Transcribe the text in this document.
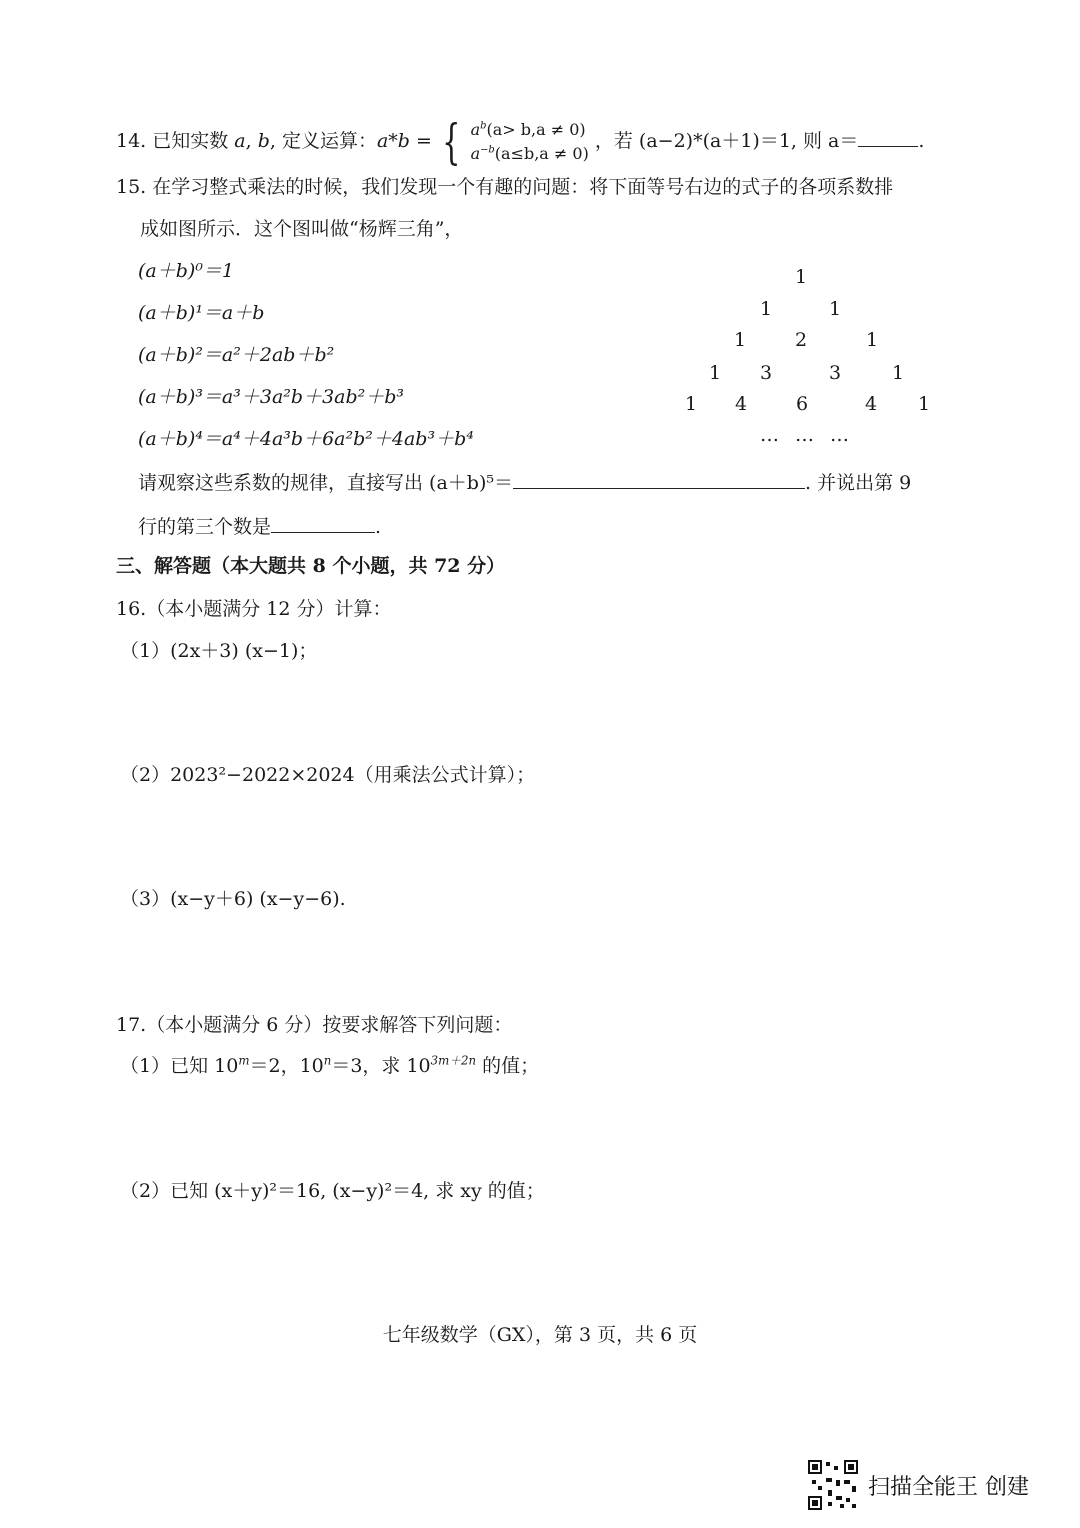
14. 已知实数 a, b, 定义运算：a*b = { $a^b(a> b,a \ne 0)$
$a^{-b}(a\le b,a \ne 0)$
，若 (a−2)*(a＋1)＝1, 则 a＝	.
15. 在学习整式乘法的时候，我们发现一个有趣的问题：将下面等号右边的式子的各项系数排
成如图所示．这个图叫做“杨辉三角”，
(a＋b)⁰＝1
(a＋b)¹＝a＋b
(a＋b)²＝a²＋2ab＋b²
(a＋b)³＝a³＋3a²b＋3ab²＋b³
(a＋b)⁴＝a⁴＋4a³b＋6a²b²＋4ab³＋b⁴
1
1	1
1	2	1
1 3	3	1
1 4	6	4 1
… … …
请观察这些系数的规律，直接写出 (a＋b)⁵＝	. 并说出第 9
行的第三个数是	.
三、解答题（本大题共 8 个小题，共 72 分）
16.（本小题满分 12 分）计算：
（1）(2x＋3) (x−1)；
（2）2023²−2022×2024（用乘法公式计算）；
（3）(x−y＋6) (x−y−6).
17.（本小题满分 6 分）按要求解答下列问题：
（1）已知 $10^m=2$，$10^n=3$，求 $10^{3m+2n}$ 的值；
（2）已知 (x＋y)²＝16, (x−y)²＝4, 求 xy 的值；
七年级数学（GX），第 3 页，共 6 页
扫描全能王 创建
